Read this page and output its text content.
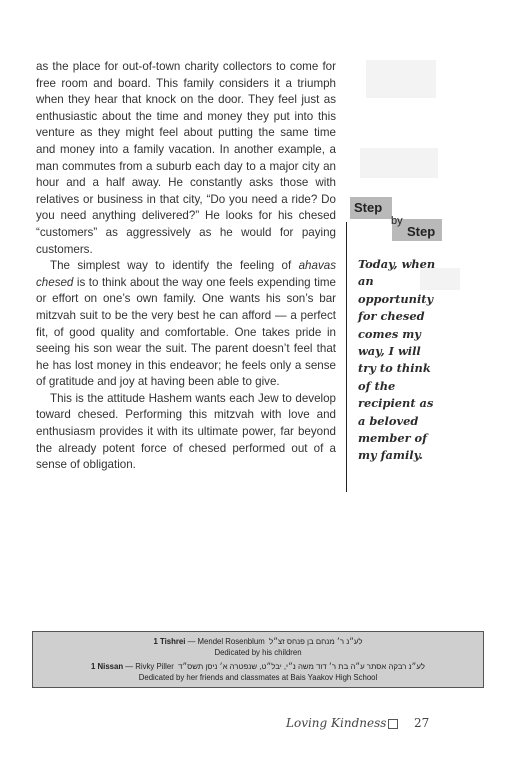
as the place for out-of-town charity collectors to come for free room and board. This family considers it a triumph when they hear that knock on the door. They feel just as enthusiastic about the time and money they put into this venture as they might feel about putting the same time and money into a family vacation. In another example, a man commutes from a suburb each day to a major city an hour and a half away. He constantly asks those with relatives or business in that city, “Do you need a ride? Do you need anything delivered?” He looks for his chesed “customers” as aggressively as he would for paying customers.

The simplest way to identify the feeling of ahavas chesed is to think about the way one feels expending time or effort on one’s own family. One wants his son’s bar mitzvah suit to be the very best he can afford — a perfect fit, of good quality and comfortable. One takes pride in seeing his son wear the suit. The parent doesn’t feel that he has lost money in this endeavor; he feels only a sense of gratitude and joy at having been able to give.

This is the attitude Hashem wants each Jew to develop toward chesed. Performing this mitzvah with love and enthusiasm provides it with its ultimate power, far beyond the already potent force of chesed performed out of a sense of obligation.

Step
by
Step
Today, when an opportunity for chesed comes my way, I will try to think of the recipient as a beloved member of my family.
1 Tishrei — Mendel Rosenblum לע״נ ר׳ מנחם בן פנחס זצ״ל
Dedicated by his children
1 Nissan — Rivky Piller לע״נ רבקה אסתר ע״ה בת ר׳ דוד משה נ״י, יבל״ט, שנפטרה א׳ ניסן תשס״ד
Dedicated by her friends and classmates at Bais Yaakov High School
Loving Kindness 27
